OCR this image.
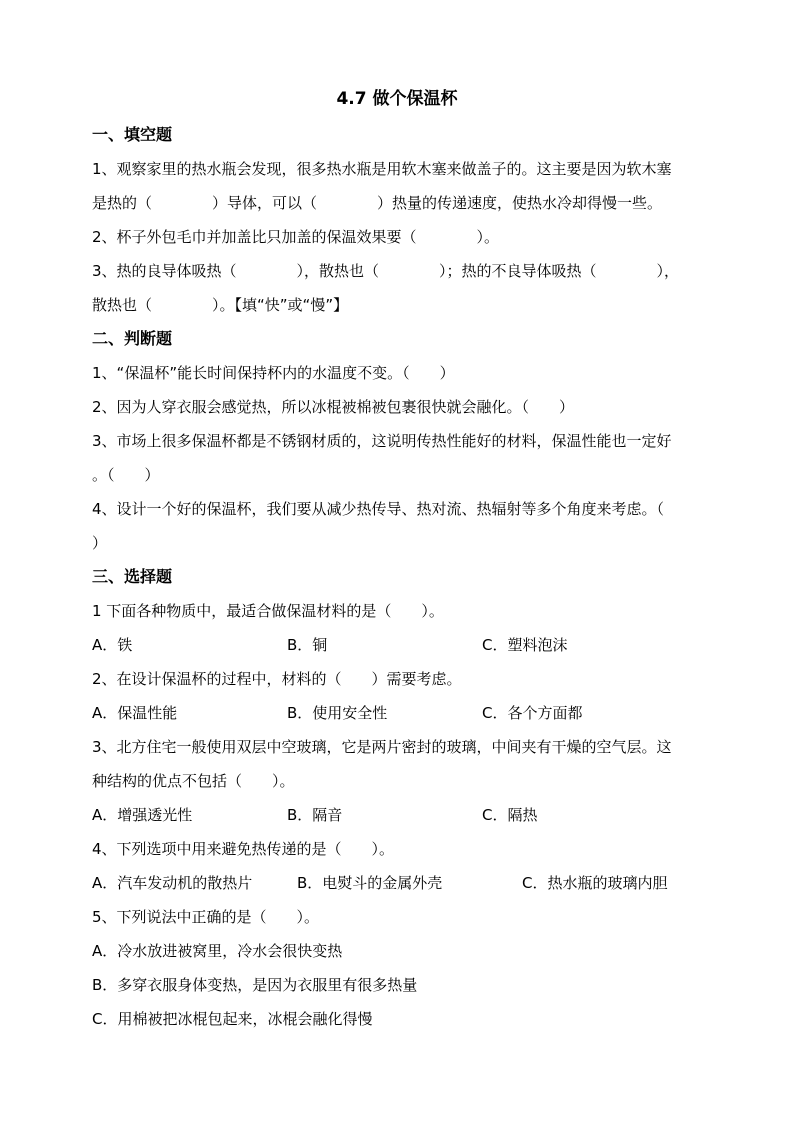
4.7 做个保温杯

一、填空题

1、观察家里的热水瓶会发现，很多热水瓶是用软木塞来做盖子的。这主要是因为软木塞

是热的（　　　　）导体，可以（　　　　）热量的传递速度，使热水冷却得慢一些。

2、杯子外包毛巾并加盖比只加盖的保温效果要（　　　　）。

3、热的良导体吸热（　　　　），散热也（　　　　）；热的不良导体吸热（　　　　），

散热也（　　　　）。【填“快”或“慢”】

二、判断题

1、“保温杯”能长时间保持杯内的水温度不变。（　　）

2、因为人穿衣服会感觉热，所以冰棍被棉被包裹很快就会融化。（　　）

3、市场上很多保温杯都是不锈钢材质的，这说明传热性能好的材料，保温性能也一定好

。（　　）

4、设计一个好的保温杯，我们要从减少热传导、热对流、热辐射等多个角度来考虑。（

）

三、选择题

1 下面各种物质中，最适合做保温材料的是（　　）。

A．铁	B．铜	C．塑料泡沫

2、在设计保温杯的过程中，材料的（　　）需要考虑。

A．保温性能	B．使用安全性	C．各个方面都

3、北方住宅一般使用双层中空玻璃，它是两片密封的玻璃，中间夹有干燥的空气层。这

种结构的优点不包括（　　）。

A．增强透光性	B．隔音	C．隔热

4、下列选项中用来避免热传递的是（　　）。

A．汽车发动机的散热片	B．电熨斗的金属外壳	C．热水瓶的玻璃内胆

5、下列说法中正确的是（　　）。

A．冷水放进被窝里，冷水会很快变热

B．多穿衣服身体变热，是因为衣服里有很多热量

C．用棉被把冰棍包起来，冰棍会融化得慢
